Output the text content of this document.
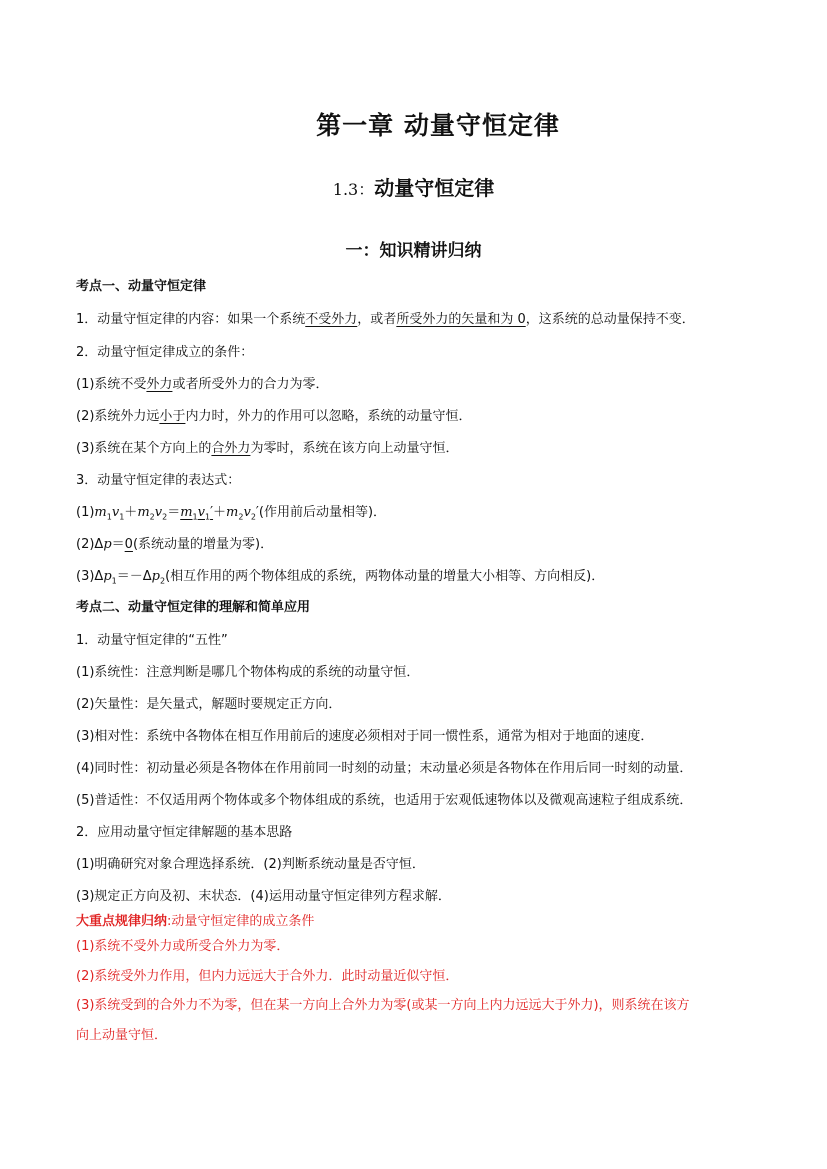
第一章 动量守恒定律
1.3：动量守恒定律
一：知识精讲归纳
考点一、动量守恒定律
1．动量守恒定律的内容：如果一个系统不受外力，或者所受外力的矢量和为 0，这系统的总动量保持不变．
2．动量守恒定律成立的条件：
(1)系统不受外力或者所受外力的合力为零．
(2)系统外力远小于内力时，外力的作用可以忽略，系统的动量守恒．
(3)系统在某个方向上的合外力为零时，系统在该方向上动量守恒．
3．动量守恒定律的表达式：
$(1)m_1v_1+m_2v_2=m_1v_1'+m_2v_2'$(作用前后动量相等)．
(2)Δp＝0(系统动量的增量为零)．
$(3)\Delta p_1=-\Delta p_2$(相互作用的两个物体组成的系统，两物体动量的增量大小相等、方向相反)．
考点二、动量守恒定律的理解和简单应用
1．动量守恒定律的“五性”
(1)系统性：注意判断是哪几个物体构成的系统的动量守恒．
(2)矢量性：是矢量式，解题时要规定正方向．
(3)相对性：系统中各物体在相互作用前后的速度必须相对于同一惯性系，通常为相对于地面的速度．
(4)同时性：初动量必须是各物体在作用前同一时刻的动量；末动量必须是各物体在作用后同一时刻的动量．
(5)普适性：不仅适用两个物体或多个物体组成的系统，也适用于宏观低速物体以及微观高速粒子组成系统．
2．应用动量守恒定律解题的基本思路
(1)明确研究对象合理选择系统．(2)判断系统动量是否守恒．
(3)规定正方向及初、末状态．(4)运用动量守恒定律列方程求解．
大重点规律归纳:动量守恒定律的成立条件
(1)系统不受外力或所受合外力为零．
(2)系统受外力作用，但内力远远大于合外力．此时动量近似守恒．
(3)系统受到的合外力不为零，但在某一方向上合外力为零(或某一方向上内力远远大于外力)，则系统在该方
向上动量守恒．
